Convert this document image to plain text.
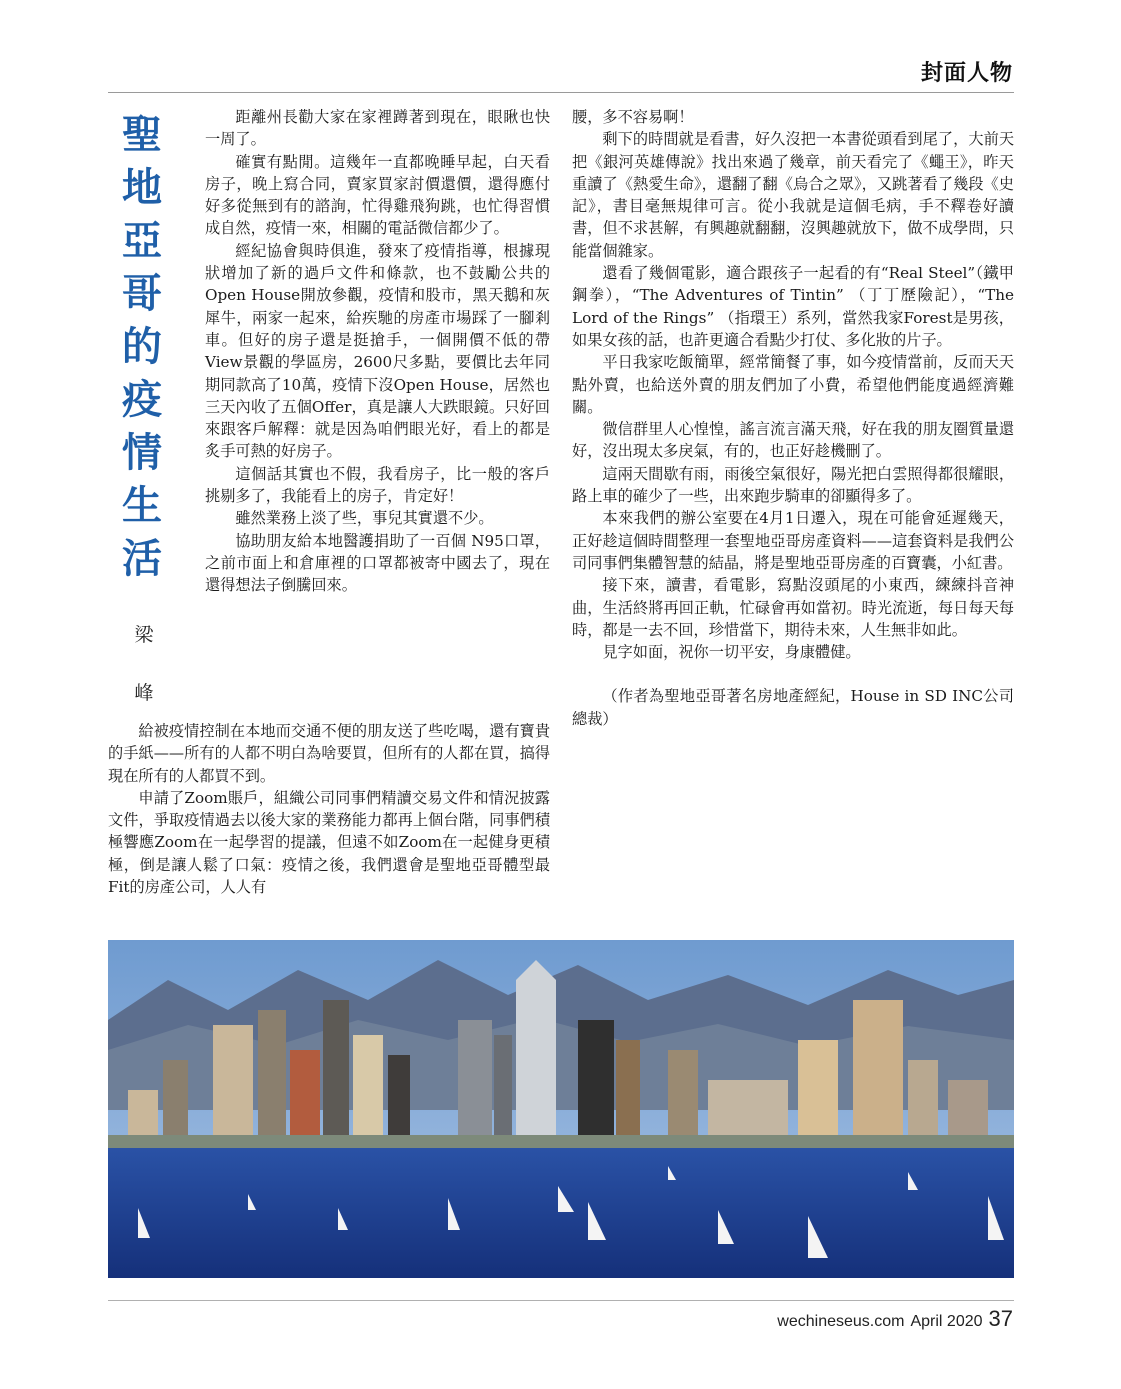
封面人物
聖
地
亞
哥
的
疫
情
生
活
梁
峰

距離州長勸大家在家裡蹲著到現在，眼瞅也快一周了。

確實有點閒。這幾年一直都晚睡早起，白天看房子，晚上寫合同，賣家買家討價還價，還得應付好多從無到有的諮詢，忙得雞飛狗跳，也忙得習慣成自然，疫情一來，相關的電話微信都少了。

經紀協會與時俱進，發來了疫情指導，根據現狀增加了新的過戶文件和條款，也不鼓勵公共的Open House開放參觀，疫情和股市，黑天鵝和灰犀牛，兩家一起來，給疾馳的房產市場踩了一腳剎車。但好的房子還是挺搶手，一個開價不低的帶View景觀的學區房，2600尺多點，要價比去年同期同款高了10萬，疫情下沒Open House，居然也三天內收了五個Offer，真是讓人大跌眼鏡。只好回來跟客戶解釋：就是因為咱們眼光好，看上的都是炙手可熱的好房子。

這個話其實也不假，我看房子，比一般的客戶挑剔多了，我能看上的房子，肯定好！

雖然業務上淡了些，事兒其實還不少。

協助朋友給本地醫護捐助了一百個 N95口罩，之前市面上和倉庫裡的口罩都被寄中國去了，現在還得想法子倒騰回來。

給被疫情控制在本地而交通不便的朋友送了些吃喝，還有寶貴的手紙——所有的人都不明白為啥要買，但所有的人都在買，搞得現在所有的人都買不到。

申請了Zoom賬戶，組織公司同事們精讀交易文件和情況披露文件，爭取疫情過去以後大家的業務能力都再上個台階，同事們積極響應Zoom在一起學習的提議，但遠不如Zoom在一起健身更積極，倒是讓人鬆了口氣：疫情之後，我們還會是聖地亞哥體型最Fit的房產公司，人人有

腰，多不容易啊！

剩下的時間就是看書，好久沒把一本書從頭看到尾了，大前天把《銀河英雄傳說》找出來過了幾章，前天看完了《蠅王》，昨天重讀了《熱愛生命》，還翻了翻《烏合之眾》，又跳著看了幾段《史記》，書目毫無規律可言。從小我就是這個毛病，手不釋卷好讀書，但不求甚解，有興趣就翻翻，沒興趣就放下，做不成學問，只能當個雜家。

還看了幾個電影，適合跟孩子一起看的有“Real Steel”（鐵甲鋼拳），“The Adventures of Tintin” （丁丁歷險記），“The Lord of the Rings” （指環王）系列，當然我家Forest是男孩，如果女孩的話，也許更適合看點少打仗、多化妝的片子。

平日我家吃飯簡單，經常簡餐了事，如今疫情當前，反而天天點外賣，也給送外賣的朋友們加了小費，希望他們能度過經濟難關。

微信群里人心惶惶，謠言流言滿天飛，好在我的朋友圈質量還好，沒出現太多戾氣，有的，也正好趁機刪了。

這兩天間歇有雨，雨後空氣很好，陽光把白雲照得都很耀眼，路上車的確少了一些，出來跑步騎車的卻顯得多了。

本來我們的辦公室要在4月1日遷入，現在可能會延遲幾天，正好趁這個時間整理一套聖地亞哥房產資料——這套資料是我們公司同事們集體智慧的結晶，將是聖地亞哥房產的百寶囊，小紅書。

接下來，讀書，看電影，寫點沒頭尾的小東西，練練抖音神曲，生活終將再回正軌，忙碌會再如當初。時光流逝，每日每天每時，都是一去不回，珍惜當下，期待未來，人生無非如此。

見字如面，祝你一切平安，身康體健。

（作者為聖地亞哥著名房地產經紀，House in SD INC公司總裁）

wechineseus.com April 2020 37
